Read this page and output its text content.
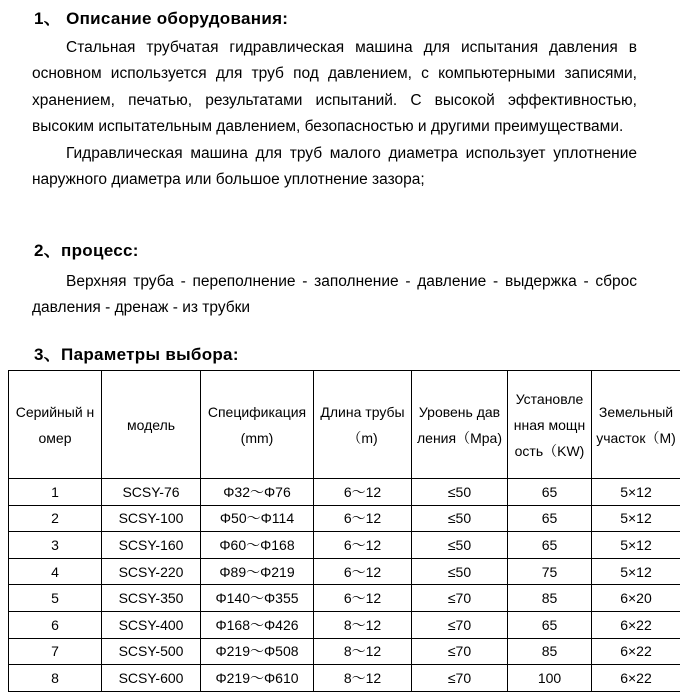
1、 Описание оборудования:

Стальная трубчатая гидравлическая машина для испытания давления в основном используется для труб под давлением, с компьютерными записями, хранением, печатью, результатами испытаний. С высокой эффективностью, высоким испытательным давлением, безопасностью и другими преимуществами.

Гидравлическая машина для труб малого диаметра использует уплотнение наружного диаметра или большое уплотнение зазора;

2、процесс:

Верхняя труба - переполнение - заполнение - давление - выдержка - сброс давления - дренаж - из трубки

3、Параметры выбора:
Серийный номер	модель	Спецификация(mm)	Длина трубы（m)	Уровень давления（Mpa)	Установленная мощность（KW)	Земельный участок（M)
1	SCSY-76	Φ32～Φ76	6～12	≤50	65	5×12
2	SCSY-100	Φ50～Φ114	6～12	≤50	65	5×12
3	SCSY-160	Φ60～Φ168	6～12	≤50	65	5×12
4	SCSY-220	Φ89～Φ219	6～12	≤50	75	5×12
5	SCSY-350	Φ140～Φ355	6～12	≤70	85	6×20
6	SCSY-400	Φ168～Φ426	8～12	≤70	65	6×22
7	SCSY-500	Φ219～Φ508	8～12	≤70	85	6×22
8	SCSY-600	Φ219～Φ610	8～12	≤70	100	6×22
